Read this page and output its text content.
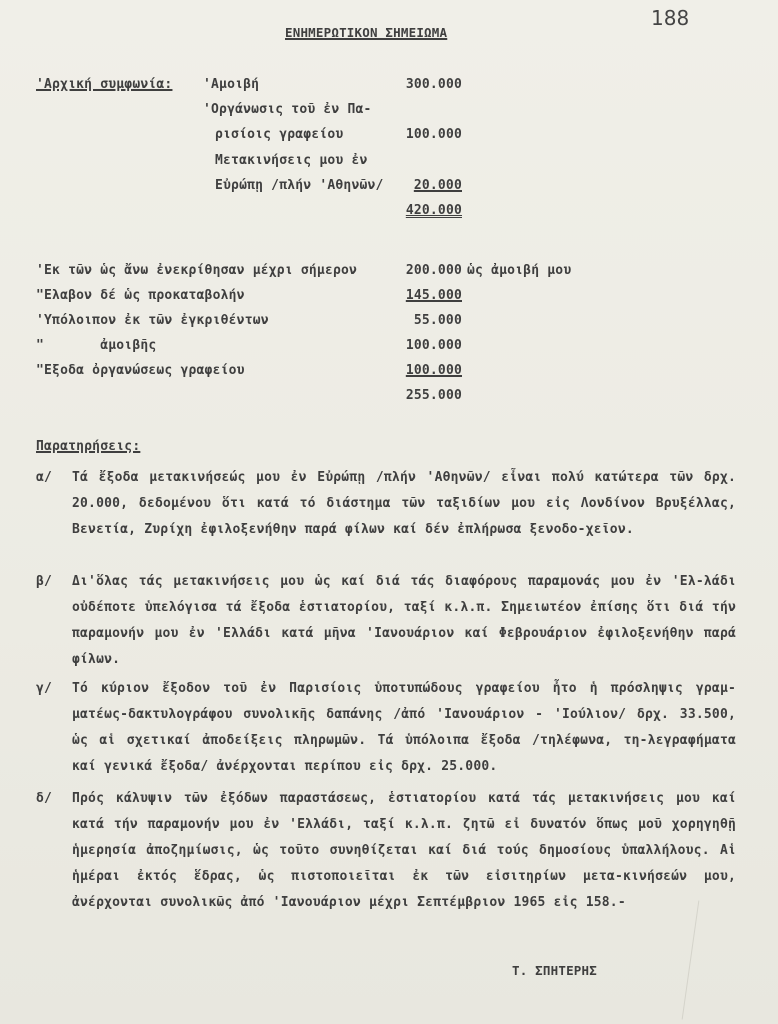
ΕΝΗΜΕΡΩΤΙΚΟΝ ΣΗΜΕΙΩΜΑ
188
'Αρχική συμφωνία: 'Αμοιβή	300.000
'Οργάνωσις τοῦ ἐν Πα-
ρισίοις γραφείου	100.000
Μετακινήσεις μου ἐν
Εὐρώπῃ /πλήν 'Αθηνῶν/	20.000
420.000
'Εκ τῶν ὡς ἄνω ἐνεκρίθησαν μέχρι σήμερον	200.000 ὡς ἀμοιβή μου
"Ελαβον δέ ὡς προκαταβολήν	145.000
'Υπόλοιπον ἐκ τῶν ἐγκριθέντων	55.000
"       ἀμοιβῆς	100.000
"Εξοδα ὀργανώσεως γραφείου	100.000
255.000
Παρατηρήσεις:
α/ Τά ἔξοδα μετακινήσεώς μου ἐν Εὐρώπῃ /πλήν 'Αθηνῶν/ εἶναι πολύ κατώτερα τῶν δρχ. 20.000, δεδομένου ὅτι κατά τό διάστημα τῶν ταξιδίων μου εἰς Λονδίνον Βρυξέλλας, Βενετία, Ζυρίχη ἐφιλοξενήθην παρά φίλων καί δέν ἐπλήρωσα ξενοδο-χεῖον.
β/ Δι'ὅλας τάς μετακινήσεις μου ὡς καί διά τάς διαφόρους παραμονάς μου ἐν 'Ελ-λάδι οὐδέποτε ὑπελόγισα τά ἔξοδα ἑστιατορίου, ταξί κ.λ.π. Σημειωτέον ἐπίσης ὅτι διά τήν παραμονήν μου ἐν 'Ελλάδι κατά μῆνα 'Ιανουάριον καί Φεβρουάριον ἐφιλοξενήθην παρά φίλων.
γ/ Τό κύριον ἔξοδον τοῦ ἐν Παρισίοις ὑποτυπώδους γραφείου ἦτο ἡ πρόσληψις γραμ-ματέως-δακτυλογράφου συνολικῆς δαπάνης /ἀπό 'Ιανουάριον - 'Ιούλιον/ δρχ. 33.500, ὡς αἱ σχετικαί ἀποδείξεις πληρωμῶν. Τά ὑπόλοιπα ἔξοδα /τηλέφωνα, τη-λεγραφήματα καί γενικά ἔξοδα/ ἀνέρχονται περίπου εἰς δρχ. 25.000.
δ/ Πρός κάλυψιν τῶν ἐξόδων παραστάσεως, ἑστιατορίου κατά τάς μετακινήσεις μου καί κατά τήν παραμονήν μου ἐν 'Ελλάδι, ταξί κ.λ.π. ζητῶ εἰ δυνατόν ὅπως μοῦ χορηγηθῇ ἡμερησία ἀποζημίωσις, ὡς τοῦτο συνηθίζεται καί διά τούς δημοσίους ὑπαλλήλους. Αἱ ἡμέραι ἐκτός ἕδρας, ὡς πιστοποιεῖται ἐκ τῶν εἰσιτηρίων μετα-κινήσεών μου, ἀνέρχονται συνολικῶς ἀπό 'Ιανουάριον μέχρι Σεπτέμβριον 1965 εἰς 158.-
Τ. ΣΠΗΤΕΡΗΣ
